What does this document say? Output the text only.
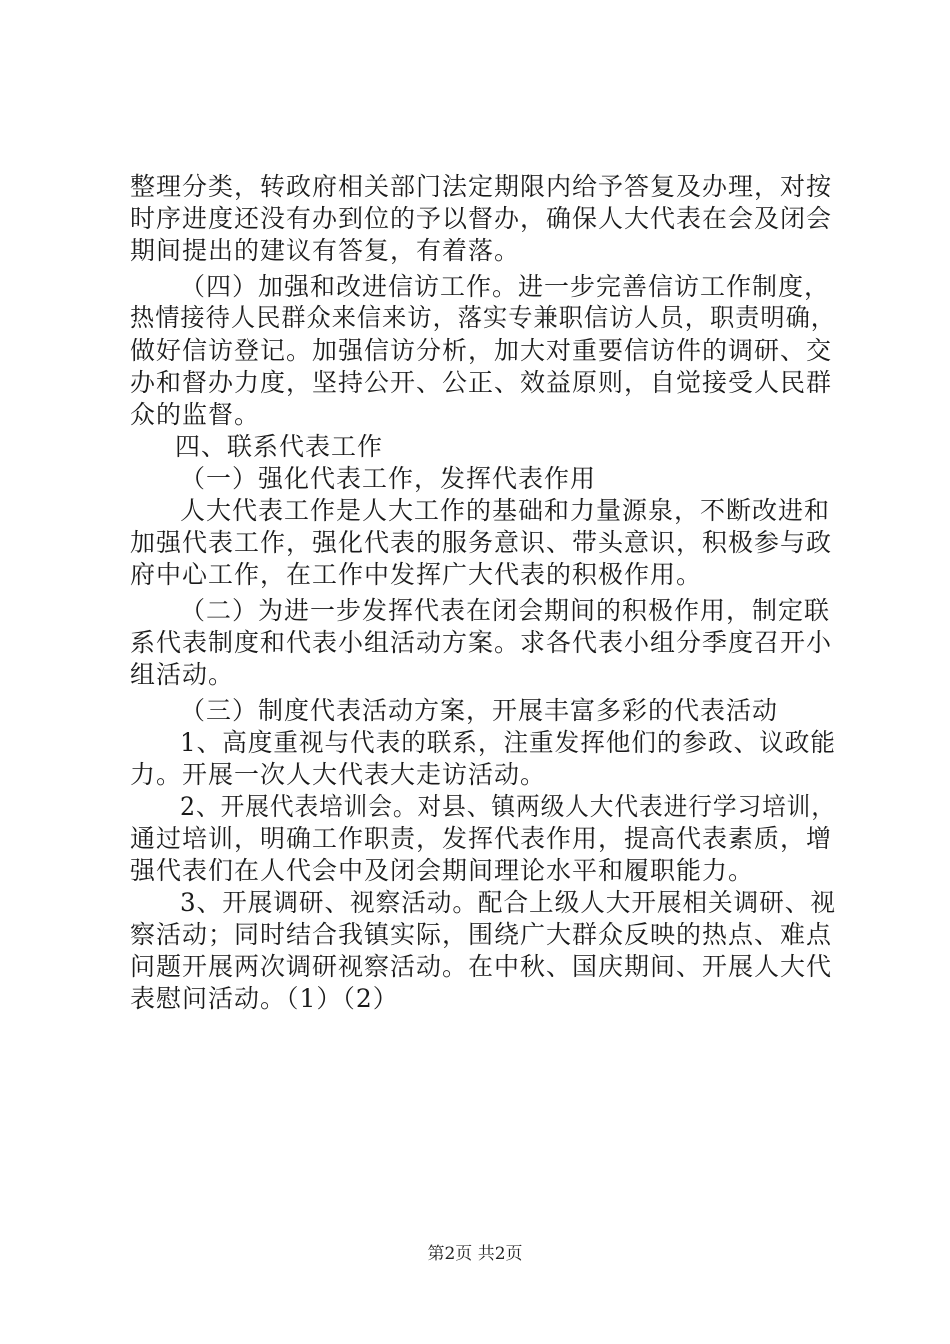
整理分类，转政府相关部门法定期限内给予答复及办理，对按
时序进度还没有办到位的予以督办，确保人大代表在会及闭会
期间提出的建议有答复，有着落。
（四）加强和改进信访工作。进一步完善信访工作制度，
热情接待人民群众来信来访，落实专兼职信访人员，职责明确，
做好信访登记。加强信访分析，加大对重要信访件的调研、交
办和督办力度，坚持公开、公正、效益原则，自觉接受人民群
众的监督。
四、联系代表工作
（一）强化代表工作，发挥代表作用
人大代表工作是人大工作的基础和力量源泉，不断改进和
加强代表工作，强化代表的服务意识、带头意识，积极参与政
府中心工作，在工作中发挥广大代表的积极作用。
（二）为进一步发挥代表在闭会期间的积极作用，制定联
系代表制度和代表小组活动方案。求各代表小组分季度召开小
组活动。
（三）制度代表活动方案，开展丰富多彩的代表活动
1、高度重视与代表的联系，注重发挥他们的参政、议政能
力。开展一次人大代表大走访活动。
2、开展代表培训会。对县、镇两级人大代表进行学习培训，
通过培训，明确工作职责，发挥代表作用，提高代表素质，增
强代表们在人代会中及闭会期间理论水平和履职能力。
3、开展调研、视察活动。配合上级人大开展相关调研、视
察活动；同时结合我镇实际，围绕广大群众反映的热点、难点
问题开展两次调研视察活动。在中秋、国庆期间、开展人大代
表慰问活动。（1）（2）
第2页 共2页
